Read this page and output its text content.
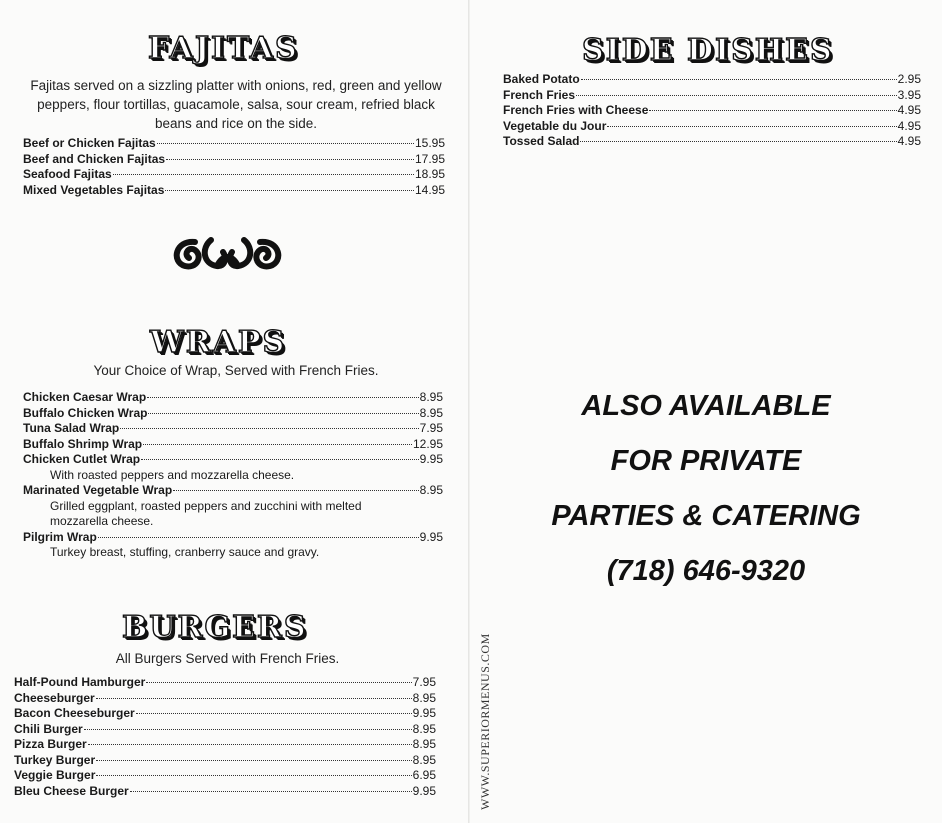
FAJITAS
Fajitas served on a sizzling platter with onions, red, green and yellow peppers, flour tortillas, guacamole, salsa, sour cream, refried black beans and rice on the side.
Beef or Chicken Fajitas	15.95
Beef and Chicken Fajitas	17.95
Seafood Fajitas	18.95
Mixed Vegetables Fajitas	14.95
WRAPS
Your Choice of Wrap, Served with French Fries.
Chicken Caesar Wrap	8.95
Buffalo Chicken Wrap	8.95
Tuna Salad Wrap	7.95
Buffalo Shrimp Wrap	12.95
Chicken Cutlet Wrap	9.95
With roasted peppers and mozzarella cheese.
Marinated Vegetable Wrap	8.95
Grilled eggplant, roasted peppers and zucchini with melted mozzarella cheese.
Pilgrim Wrap	9.95
Turkey breast, stuffing, cranberry sauce and gravy.
BURGERS
All Burgers Served with French Fries.
Half-Pound Hamburger	7.95
Cheeseburger	8.95
Bacon Cheeseburger	9.95
Chili Burger	8.95
Pizza Burger	8.95
Turkey Burger	8.95
Veggie Burger	6.95
Bleu Cheese Burger	9.95
SIDE DISHES
Baked Potato	2.95
French Fries	3.95
French Fries with Cheese	4.95
Vegetable du Jour	4.95
Tossed Salad	4.95
ALSO AVAILABLE
FOR PRIVATE
PARTIES & CATERING
(718) 646-9320
WWW.SUPERIORMENUS.COM
